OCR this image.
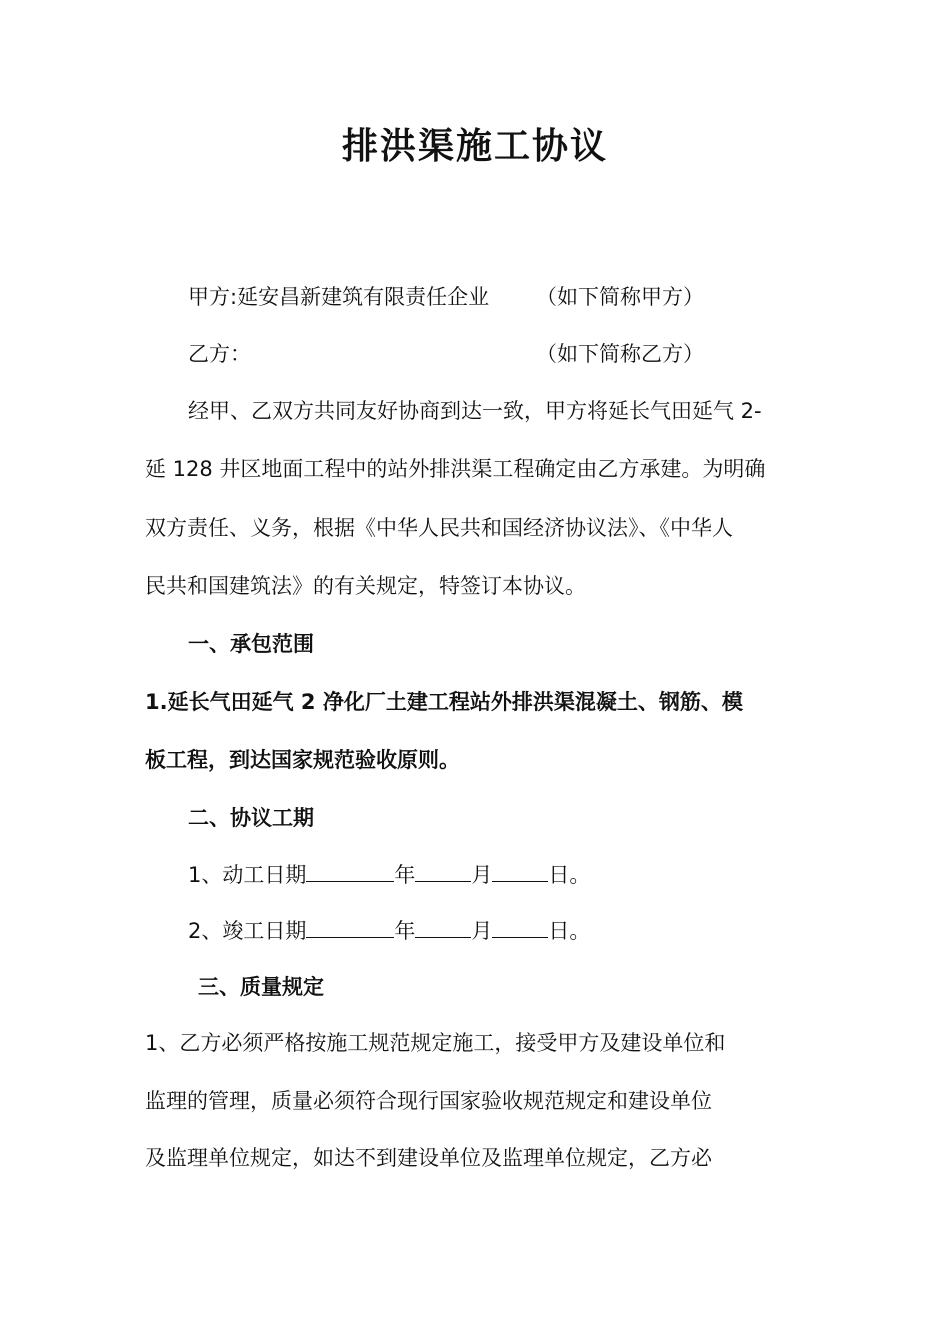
排洪渠施工协议
甲方:延安昌新建筑有限责任企业 （如下简称甲方）
乙方：	（如下简称乙方）
经甲、乙双方共同友好协商到达一致，甲方将延长气田延气 2-
延 128 井区地面工程中的站外排洪渠工程确定由乙方承建。为明确
双方责任、义务，根据《中华人民共和国经济协议法》、《中华人
民共和国建筑法》的有关规定，特签订本协议。
一、承包范围
1.延长气田延气 2 净化厂土建工程站外排洪渠混凝土、钢筋、模
板工程，到达国家规范验收原则。
二、协议工期
1、动工日期	年	月	日。
2、竣工日期	年	月	日。
三、质量规定
1、乙方必须严格按施工规范规定施工，接受甲方及建设单位和
监理的管理，质量必须符合现行国家验收规范规定和建设单位
及监理单位规定，如达不到建设单位及监理单位规定，乙方必
